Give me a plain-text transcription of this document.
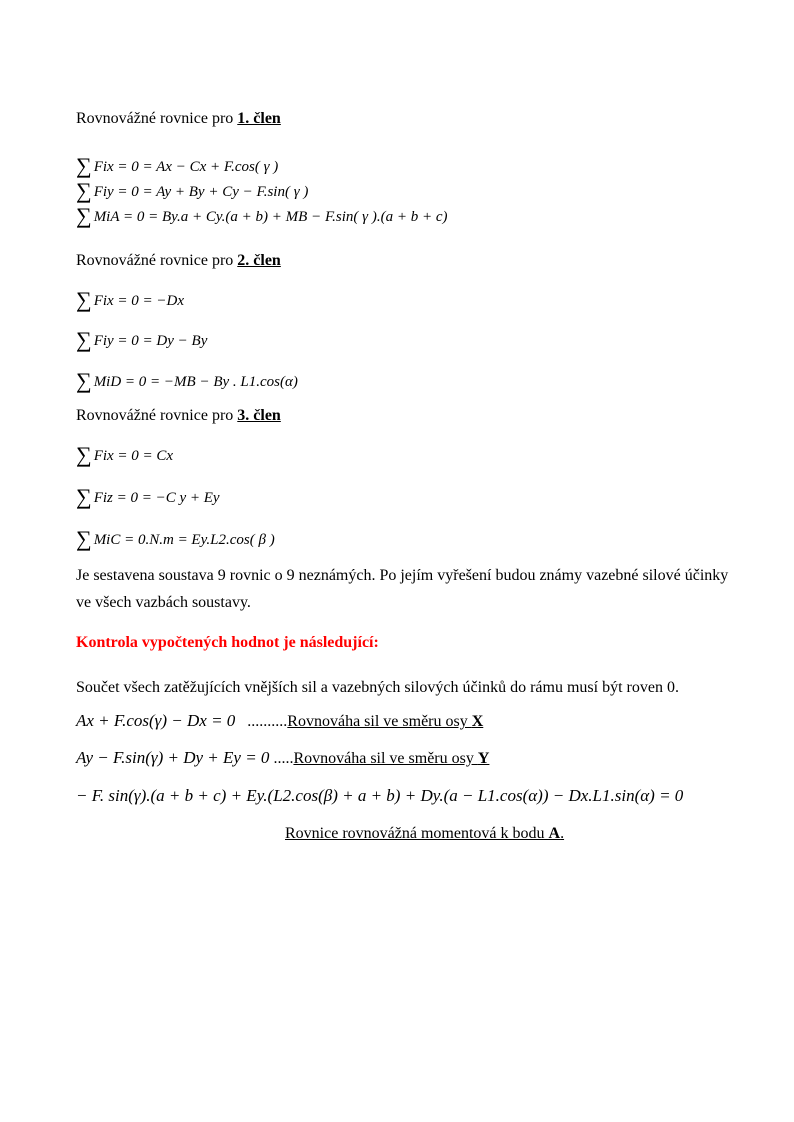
Rovnovážné rovnice pro 1. člen
∑ Fix = 0 = Ax − Cx + F.cos( γ )
∑ Fiy = 0 = Ay + By + Cy − F.sin( γ )
∑ MiA = 0 = By.a + Cy.(a + b) + MB − F.sin( γ ).(a + b + c)
Rovnovážné rovnice pro 2. člen
∑ Fix = 0 = −Dx
∑ Fiy = 0 = Dy − By
∑ MiD = 0 = −MB − By . L1.cos(α)
Rovnovážné rovnice pro 3. člen
∑ Fix = 0 = Cx
∑ Fiz = 0 = −C y + Ey
∑ MiC = 0.N.m = Ey.L2.cos( β )
Je sestavena soustava 9 rovnic o 9 neznámých. Po jejím vyřešení budou známy vazebné silové účinky
ve všech vazbách soustavy.
Kontrola vypočtených hodnot je následující:
Součet všech zatěžujících vnějších sil a vazebných silových účinků do rámu musí být roven 0.
Ax + F.cos(γ) − Dx = 0 ..........Rovnováha sil ve směru osy X
Ay − F.sin(γ) + Dy + Ey = 0 .....Rovnováha sil ve směru osy Y
− F. sin(γ).(a + b + c) + Ey.(L2.cos(β) + a + b) + Dy.(a − L1.cos(α)) − Dx.L1.sin(α) = 0
Rovnice rovnovážná momentová k bodu A.
